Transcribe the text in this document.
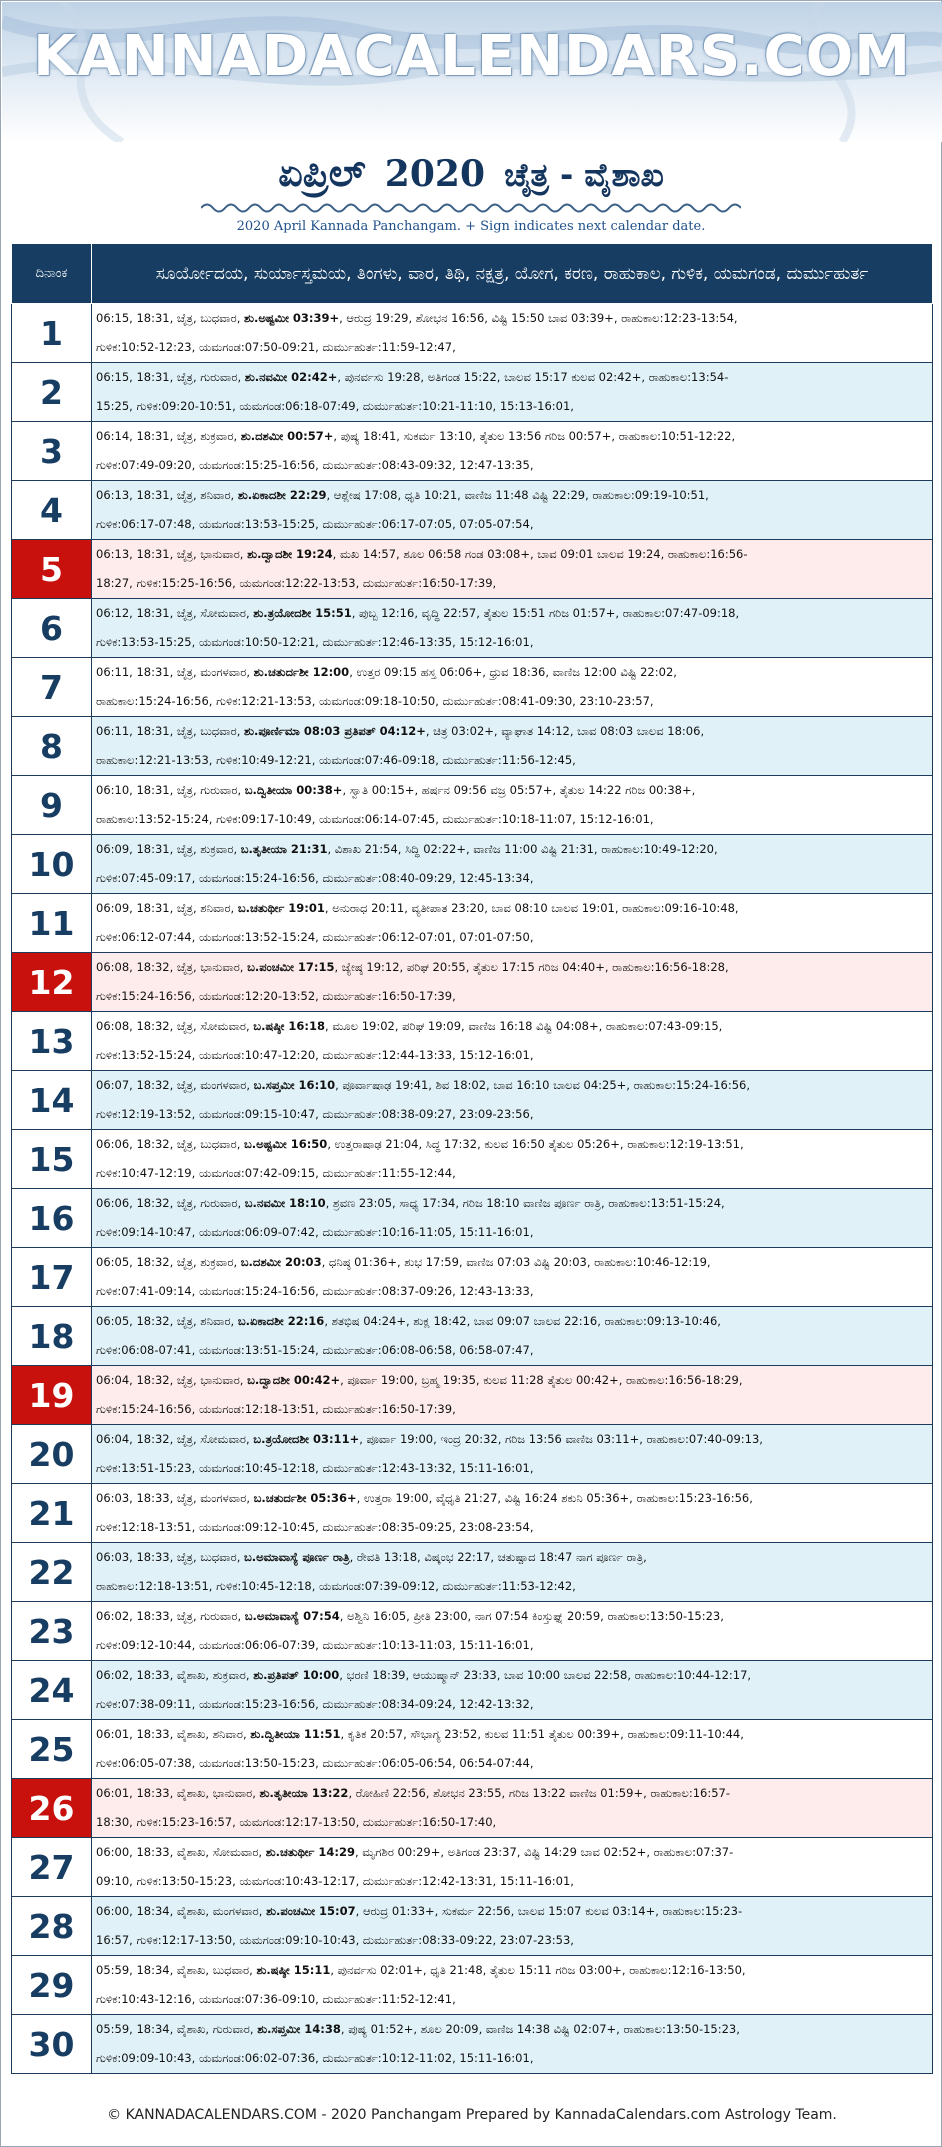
KANNADACALENDARS.COM
ಏಪ್ರಿಲ್ 2020 ಚೈತ್ರ - ವೈಶಾಖ
2020 April Kannada Panchangam. + Sign indicates next calendar date.
ದಿನಾಂಕ	ಸೂರ್ಯೋದಯ, ಸುರ್ಯಾಸ್ತಮಯ, ತಿಂಗಳು, ವಾರ, ತಿಥಿ, ನಕ್ಷತ್ರ, ಯೋಗ, ಕರಣ, ರಾಹುಕಾಲ, ಗುಳಿಕ, ಯಮಗಂಡ, ದುರ್ಮುಹುರ್ತ
1	06:15, 18:31, ಚೈತ್ರ, ಬುಧವಾರ, ಶು.ಅಷ್ಟಮೀ 03:39+, ಆರುದ್ರ 19:29, ಶೋಭನ 16:56, ವಿಷ್ಟಿ 15:50 ಬಾವ 03:39+, ರಾಹುಕಾಲ:12:23-13:54,
ಗುಳಿಕ:10:52-12:23, ಯಮಗಂಡ:07:50-09:21, ದುರ್ಮುಹುರ್ತ:11:59-12:47,

2	06:15, 18:31, ಚೈತ್ರ, ಗುರುವಾರ, ಶು.ನವಮೀ 02:42+, ಪುನರ್ವಸು 19:28, ಅತಿಗಂಡ 15:22, ಬಾಲವ 15:17 ಕುಲವ 02:42+, ರಾಹುಕಾಲ:13:54-
15:25, ಗುಳಿಕ:09:20-10:51, ಯಮಗಂಡ:06:18-07:49, ದುರ್ಮುಹುರ್ತ:10:21-11:10, 15:13-16:01,

3	06:14, 18:31, ಚೈತ್ರ, ಶುಕ್ರವಾರ, ಶು.ದಶಮೀ 00:57+, ಪುಷ್ಯ 18:41, ಸುಕರ್ಮ 13:10, ತೈತುಲ 13:56 ಗರಿಜ 00:57+, ರಾಹುಕಾಲ:10:51-12:22,
ಗುಳಿಕ:07:49-09:20, ಯಮಗಂಡ:15:25-16:56, ದುರ್ಮುಹುರ್ತ:08:43-09:32, 12:47-13:35,

4	06:13, 18:31, ಚೈತ್ರ, ಶನಿವಾರ, ಶು.ಏಕಾದಶೀ 22:29, ಆಶ್ಲೇಷ 17:08, ಧೃತಿ 10:21, ವಾಣಿಜ 11:48 ವಿಷ್ಟಿ 22:29, ರಾಹುಕಾಲ:09:19-10:51,
ಗುಳಿಕ:06:17-07:48, ಯಮಗಂಡ:13:53-15:25, ದುರ್ಮುಹುರ್ತ:06:17-07:05, 07:05-07:54,

5	06:13, 18:31, ಚೈತ್ರ, ಭಾನುವಾರ, ಶು.ದ್ವಾದಶೀ 19:24, ಮಖ 14:57, ಶೂಲ 06:58 ಗಂಡ 03:08+, ಬಾವ 09:01 ಬಾಲವ 19:24, ರಾಹುಕಾಲ:16:56-
18:27, ಗುಳಿಕ:15:25-16:56, ಯಮಗಂಡ:12:22-13:53, ದುರ್ಮುಹುರ್ತ:16:50-17:39,

6	06:12, 18:31, ಚೈತ್ರ, ಸೋಮವಾರ, ಶು.ತ್ರಯೋದಶೀ 15:51, ಪುಬ್ಬ 12:16, ವೃದ್ಧಿ 22:57, ತೈತುಲ 15:51 ಗರಿಜ 01:57+, ರಾಹುಕಾಲ:07:47-09:18,
ಗುಳಿಕ:13:53-15:25, ಯಮಗಂಡ:10:50-12:21, ದುರ್ಮುಹುರ್ತ:12:46-13:35, 15:12-16:01,

7	06:11, 18:31, ಚೈತ್ರ, ಮಂಗಳವಾರ, ಶು.ಚತುರ್ದಶೀ 12:00, ಉತ್ತರ 09:15 ಹಸ್ತ 06:06+, ಧ್ರುವ 18:36, ವಾಣಿಜ 12:00 ವಿಷ್ಟಿ 22:02,
ರಾಹುಕಾಲ:15:24-16:56, ಗುಳಿಕ:12:21-13:53, ಯಮಗಂಡ:09:18-10:50, ದುರ್ಮುಹುರ್ತ:08:41-09:30, 23:10-23:57,

8	06:11, 18:31, ಚೈತ್ರ, ಬುಧವಾರ, ಶು.ಪೂರ್ಣಿಮಾ 08:03 ಪ್ರತಿಪತ್ 04:12+, ಚಿತ್ರ 03:02+, ವ್ಯಾಘಾತ 14:12, ಬಾವ 08:03 ಬಾಲವ 18:06,
ರಾಹುಕಾಲ:12:21-13:53, ಗುಳಿಕ:10:49-12:21, ಯಮಗಂಡ:07:46-09:18, ದುರ್ಮುಹುರ್ತ:11:56-12:45,

9	06:10, 18:31, ಚೈತ್ರ, ಗುರುವಾರ, ಬ.ದ್ವಿತೀಯಾ 00:38+, ಸ್ವಾತಿ 00:15+, ಹರ್ಷನ 09:56 ವಜ್ರ 05:57+, ತೈತುಲ 14:22 ಗರಿಜ 00:38+,
ರಾಹುಕಾಲ:13:52-15:24, ಗುಳಿಕ:09:17-10:49, ಯಮಗಂಡ:06:14-07:45, ದುರ್ಮುಹುರ್ತ:10:18-11:07, 15:12-16:01,

10	06:09, 18:31, ಚೈತ್ರ, ಶುಕ್ರವಾರ, ಬ.ತೃತೀಯಾ 21:31, ವಿಶಾಖ 21:54, ಸಿದ್ಧಿ 02:22+, ವಾಣಿಜ 11:00 ವಿಷ್ಟಿ 21:31, ರಾಹುಕಾಲ:10:49-12:20,
ಗುಳಿಕ:07:45-09:17, ಯಮಗಂಡ:15:24-16:56, ದುರ್ಮುಹುರ್ತ:08:40-09:29, 12:45-13:34,

11	06:09, 18:31, ಚೈತ್ರ, ಶನಿವಾರ, ಬ.ಚತುರ್ಥೀ 19:01, ಅನುರಾಧ 20:11, ವ್ಯತೀಪಾತ 23:20, ಬಾವ 08:10 ಬಾಲವ 19:01, ರಾಹುಕಾಲ:09:16-10:48,
ಗುಳಿಕ:06:12-07:44, ಯಮಗಂಡ:13:52-15:24, ದುರ್ಮುಹುರ್ತ:06:12-07:01, 07:01-07:50,

12	06:08, 18:32, ಚೈತ್ರ, ಭಾನುವಾರ, ಬ.ಪಂಚಮೀ 17:15, ಜ್ಯೇಷ್ಠ 19:12, ಪರಿಘ 20:55, ತೈತುಲ 17:15 ಗರಿಜ 04:40+, ರಾಹುಕಾಲ:16:56-18:28,
ಗುಳಿಕ:15:24-16:56, ಯಮಗಂಡ:12:20-13:52, ದುರ್ಮುಹುರ್ತ:16:50-17:39,

13	06:08, 18:32, ಚೈತ್ರ, ಸೋಮವಾರ, ಬ.ಷಷ್ಠೀ 16:18, ಮೂಲ 19:02, ಪರಿಘ 19:09, ವಾಣಿಜ 16:18 ವಿಷ್ಟಿ 04:08+, ರಾಹುಕಾಲ:07:43-09:15,
ಗುಳಿಕ:13:52-15:24, ಯಮಗಂಡ:10:47-12:20, ದುರ್ಮುಹುರ್ತ:12:44-13:33, 15:12-16:01,

14	06:07, 18:32, ಚೈತ್ರ, ಮಂಗಳವಾರ, ಬ.ಸಪ್ತಮೀ 16:10, ಪೂರ್ವಾಷಾಢ 19:41, ಶಿವ 18:02, ಬಾವ 16:10 ಬಾಲವ 04:25+, ರಾಹುಕಾಲ:15:24-16:56,
ಗುಳಿಕ:12:19-13:52, ಯಮಗಂಡ:09:15-10:47, ದುರ್ಮುಹುರ್ತ:08:38-09:27, 23:09-23:56,

15	06:06, 18:32, ಚೈತ್ರ, ಬುಧವಾರ, ಬ.ಅಷ್ಟಮೀ 16:50, ಉತ್ತರಾಷಾಢ 21:04, ಸಿದ್ಧ 17:32, ಕುಲವ 16:50 ತೈತುಲ 05:26+, ರಾಹುಕಾಲ:12:19-13:51,
ಗುಳಿಕ:10:47-12:19, ಯಮಗಂಡ:07:42-09:15, ದುರ್ಮುಹುರ್ತ:11:55-12:44,

16	06:06, 18:32, ಚೈತ್ರ, ಗುರುವಾರ, ಬ.ನವಮೀ 18:10, ಶ್ರವಣ 23:05, ಸಾಧ್ಯ 17:34, ಗರಿಜ 18:10 ವಾಣಿಜ ಪೂರ್ಣ ರಾತ್ರಿ, ರಾಹುಕಾಲ:13:51-15:24,
ಗುಳಿಕ:09:14-10:47, ಯಮಗಂಡ:06:09-07:42, ದುರ್ಮುಹುರ್ತ:10:16-11:05, 15:11-16:01,

17	06:05, 18:32, ಚೈತ್ರ, ಶುಕ್ರವಾರ, ಬ.ದಶಮೀ 20:03, ಧನಿಷ್ಠ 01:36+, ಶುಭ 17:59, ವಾಣಿಜ 07:03 ವಿಷ್ಟಿ 20:03, ರಾಹುಕಾಲ:10:46-12:19,
ಗುಳಿಕ:07:41-09:14, ಯಮಗಂಡ:15:24-16:56, ದುರ್ಮುಹುರ್ತ:08:37-09:26, 12:43-13:33,

18	06:05, 18:32, ಚೈತ್ರ, ಶನಿವಾರ, ಬ.ಏಕಾದಶೀ 22:16, ಶತಭಿಷ 04:24+, ಶುಕ್ಲ 18:42, ಬಾವ 09:07 ಬಾಲವ 22:16, ರಾಹುಕಾಲ:09:13-10:46,
ಗುಳಿಕ:06:08-07:41, ಯಮಗಂಡ:13:51-15:24, ದುರ್ಮುಹುರ್ತ:06:08-06:58, 06:58-07:47,

19	06:04, 18:32, ಚೈತ್ರ, ಭಾನುವಾರ, ಬ.ದ್ವಾದಶೀ 00:42+, ಪೂರ್ವಾ 19:00, ಬ್ರಹ್ಮ 19:35, ಕುಲವ 11:28 ತೈತುಲ 00:42+, ರಾಹುಕಾಲ:16:56-18:29,
ಗುಳಿಕ:15:24-16:56, ಯಮಗಂಡ:12:18-13:51, ದುರ್ಮುಹುರ್ತ:16:50-17:39,

20	06:04, 18:32, ಚೈತ್ರ, ಸೋಮವಾರ, ಬ.ತ್ರಯೋದಶೀ 03:11+, ಪೂರ್ವಾ 19:00, ಇಂದ್ರ 20:32, ಗರಿಜ 13:56 ವಾಣಿಜ 03:11+, ರಾಹುಕಾಲ:07:40-09:13,
ಗುಳಿಕ:13:51-15:23, ಯಮಗಂಡ:10:45-12:18, ದುರ್ಮುಹುರ್ತ:12:43-13:32, 15:11-16:01,

21	06:03, 18:33, ಚೈತ್ರ, ಮಂಗಳವಾರ, ಬ.ಚತುರ್ದಶೀ 05:36+, ಉತ್ತರಾ 19:00, ವೈಧೃತಿ 21:27, ವಿಷ್ಟಿ 16:24 ಶಕುನಿ 05:36+, ರಾಹುಕಾಲ:15:23-16:56,
ಗುಳಿಕ:12:18-13:51, ಯಮಗಂಡ:09:12-10:45, ದುರ್ಮುಹುರ್ತ:08:35-09:25, 23:08-23:54,

22	06:03, 18:33, ಚೈತ್ರ, ಬುಧವಾರ, ಬ.ಅಮಾವಾಸ್ಯೆ ಪೂರ್ಣ ರಾತ್ರಿ, ರೇವತಿ 13:18, ವಿಷ್ಕಂಭ 22:17, ಚತುಷ್ಪಾದ 18:47 ನಾಗ ಪೂರ್ಣ ರಾತ್ರಿ,
ರಾಹುಕಾಲ:12:18-13:51, ಗುಳಿಕ:10:45-12:18, ಯಮಗಂಡ:07:39-09:12, ದುರ್ಮುಹುರ್ತ:11:53-12:42,

23	06:02, 18:33, ಚೈತ್ರ, ಗುರುವಾರ, ಬ.ಅಮಾವಾಸ್ಯೆ 07:54, ಅಶ್ವಿನಿ 16:05, ಪ್ರೀತಿ 23:00, ನಾಗ 07:54 ಕಿಂಸ್ತುಘ್ನ 20:59, ರಾಹುಕಾಲ:13:50-15:23,
ಗುಳಿಕ:09:12-10:44, ಯಮಗಂಡ:06:06-07:39, ದುರ್ಮುಹುರ್ತ:10:13-11:03, 15:11-16:01,

24	06:02, 18:33, ವೈಶಾಖ, ಶುಕ್ರವಾರ, ಶು.ಪ್ರತಿಪತ್ 10:00, ಭರಣಿ 18:39, ಆಯುಷ್ಮಾನ್ 23:33, ಬಾವ 10:00 ಬಾಲವ 22:58, ರಾಹುಕಾಲ:10:44-12:17,
ಗುಳಿಕ:07:38-09:11, ಯಮಗಂಡ:15:23-16:56, ದುರ್ಮುಹುರ್ತ:08:34-09:24, 12:42-13:32,

25	06:01, 18:33, ವೈಶಾಖ, ಶನಿವಾರ, ಶು.ದ್ವಿತೀಯಾ 11:51, ಕೃತಿಕ 20:57, ಸೌಭಾಗ್ಯ 23:52, ಕುಲವ 11:51 ತೈತುಲ 00:39+, ರಾಹುಕಾಲ:09:11-10:44,
ಗುಳಿಕ:06:05-07:38, ಯಮಗಂಡ:13:50-15:23, ದುರ್ಮುಹುರ್ತ:06:05-06:54, 06:54-07:44,

26	06:01, 18:33, ವೈಶಾಖ, ಭಾನುವಾರ, ಶು.ತೃತೀಯಾ 13:22, ರೋಹಿಣಿ 22:56, ಶೋಭನ 23:55, ಗರಿಜ 13:22 ವಾಣಿಜ 01:59+, ರಾಹುಕಾಲ:16:57-
18:30, ಗುಳಿಕ:15:23-16:57, ಯಮಗಂಡ:12:17-13:50, ದುರ್ಮುಹುರ್ತ:16:50-17:40,

27	06:00, 18:33, ವೈಶಾಖ, ಸೋಮವಾರ, ಶು.ಚತುರ್ಥೀ 14:29, ಮೃಗಶಿರ 00:29+, ಅತಿಗಂಡ 23:37, ವಿಷ್ಟಿ 14:29 ಬಾವ 02:52+, ರಾಹುಕಾಲ:07:37-
09:10, ಗುಳಿಕ:13:50-15:23, ಯಮಗಂಡ:10:43-12:17, ದುರ್ಮುಹುರ್ತ:12:42-13:31, 15:11-16:01,

28	06:00, 18:34, ವೈಶಾಖ, ಮಂಗಳವಾರ, ಶು.ಪಂಚಮೀ 15:07, ಆರುದ್ರ 01:33+, ಸುಕರ್ಮ 22:56, ಬಾಲವ 15:07 ಕುಲವ 03:14+, ರಾಹುಕಾಲ:15:23-
16:57, ಗುಳಿಕ:12:17-13:50, ಯಮಗಂಡ:09:10-10:43, ದುರ್ಮುಹುರ್ತ:08:33-09:22, 23:07-23:53,

29	05:59, 18:34, ವೈಶಾಖ, ಬುಧವಾರ, ಶು.ಷಷ್ಠೀ 15:11, ಪುನರ್ವಸು 02:01+, ಧೃತಿ 21:48, ತೈತುಲ 15:11 ಗರಿಜ 03:00+, ರಾಹುಕಾಲ:12:16-13:50,
ಗುಳಿಕ:10:43-12:16, ಯಮಗಂಡ:07:36-09:10, ದುರ್ಮುಹುರ್ತ:11:52-12:41,

30	05:59, 18:34, ವೈಶಾಖ, ಗುರುವಾರ, ಶು.ಸಪ್ತಮೀ 14:38, ಪುಷ್ಯ 01:52+, ಶೂಲ 20:09, ವಾಣಿಜ 14:38 ವಿಷ್ಟಿ 02:07+, ರಾಹುಕಾಲ:13:50-15:23,
ಗುಳಿಕ:09:09-10:43, ಯಮಗಂಡ:06:02-07:36, ದುರ್ಮುಹುರ್ತ:10:12-11:02, 15:11-16:01,
© KANNADACALENDARS.COM - 2020 Panchangam Prepared by KannadaCalendars.com Astrology Team.
